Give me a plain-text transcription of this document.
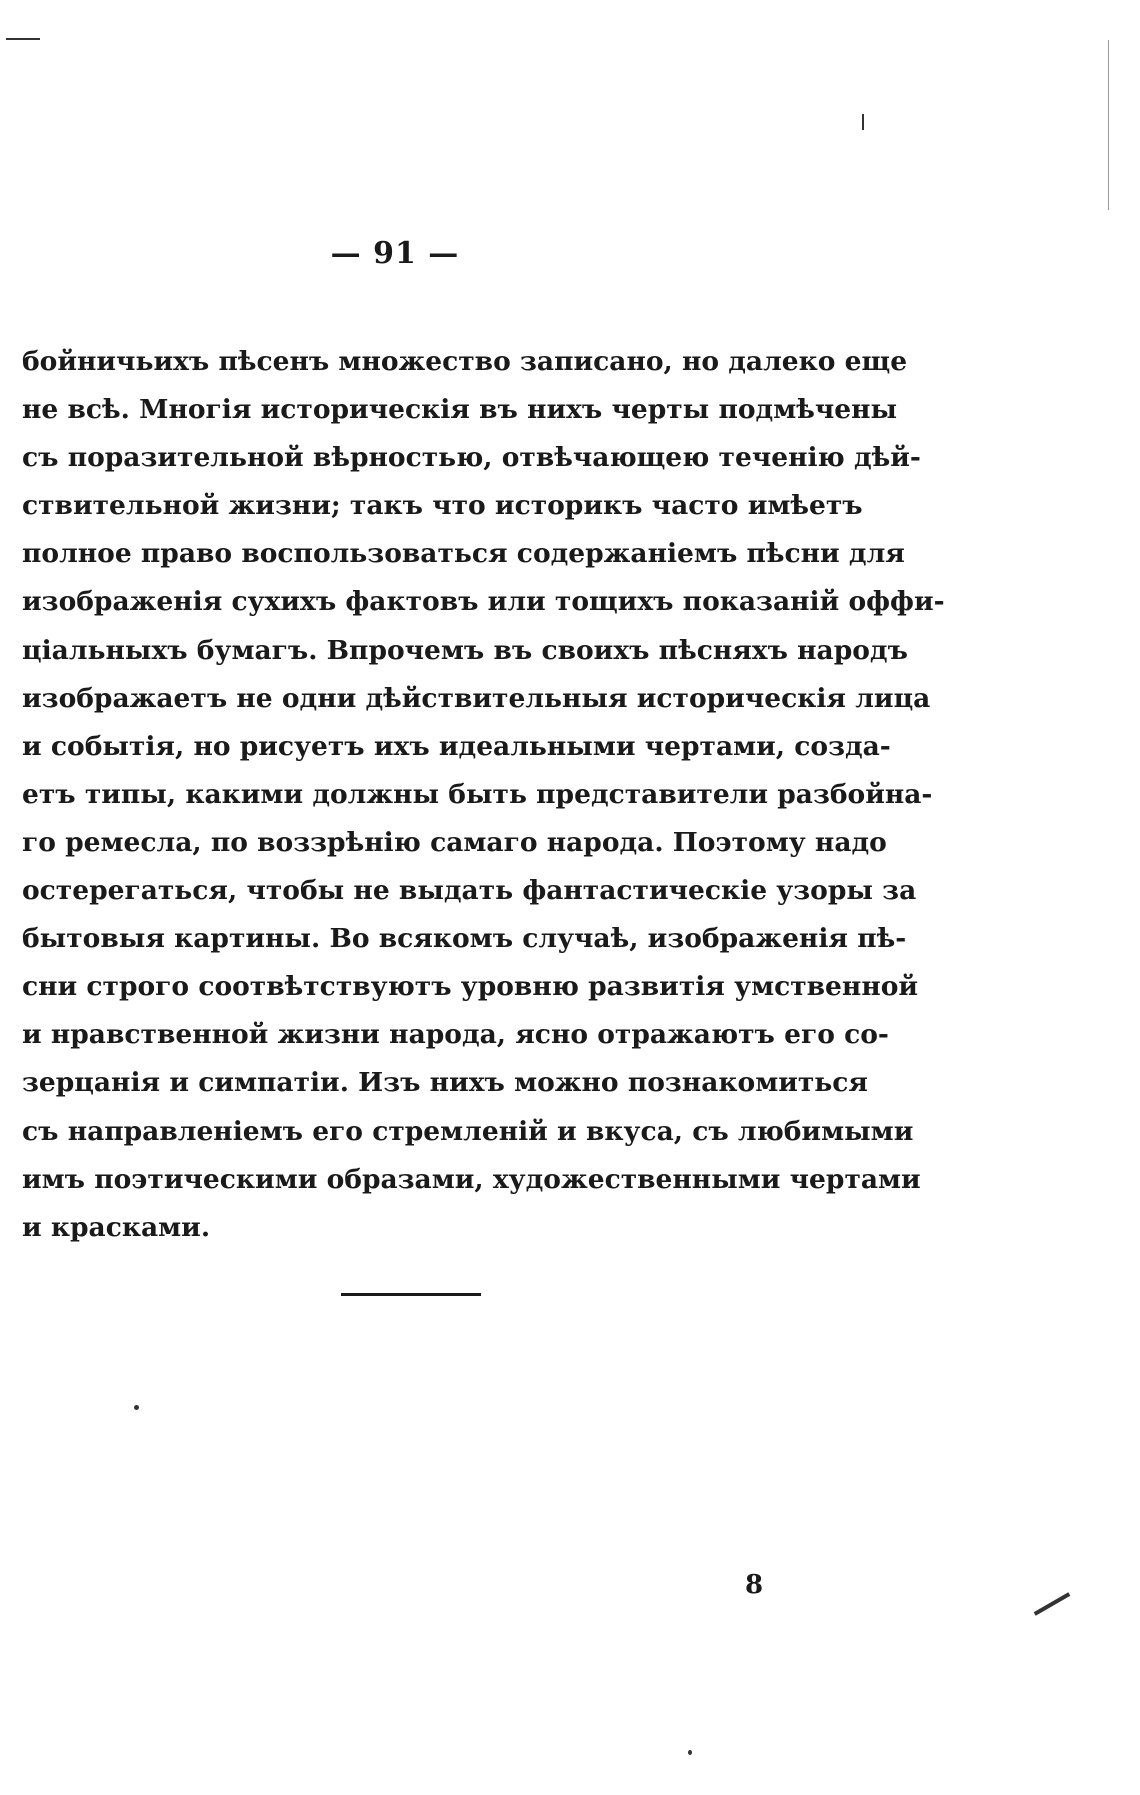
— 91 —
бойничьихъ пѣсенъ множество записано, но далеко еще
не всѣ. Многія историческія въ нихъ черты подмѣчены
съ поразительной вѣрностью, отвѣчающею теченію дѣй-
ствительной жизни; такъ что историкъ часто имѣетъ
полное право воспользоваться содержаніемъ пѣсни для
изображенія сухихъ фактовъ или тощихъ показаній оффи-
ціальныхъ бумагъ. Впрочемъ въ своихъ пѣсняхъ народъ
изображаетъ не одни дѣйствительныя историческія лица
и событія, но рисуетъ ихъ идеальными чертами, созда-
етъ типы, какими должны быть представители разбойна-
го ремесла, по воззрѣнію самаго народа. Поэтому надо
остерегаться, чтобы не выдать фантастическіе узоры за
бытовыя картины. Во всякомъ случаѣ, изображенія пѣ-
сни строго соотвѣтствуютъ уровню развитія умственной
и нравственной жизни народа, ясно отражаютъ его со-
зерцанія и симпатіи. Изъ нихъ можно познакомиться
съ направленіемъ его стремленій и вкуса, съ любимыми
имъ поэтическими образами, художественными чертами
и красками.
8
